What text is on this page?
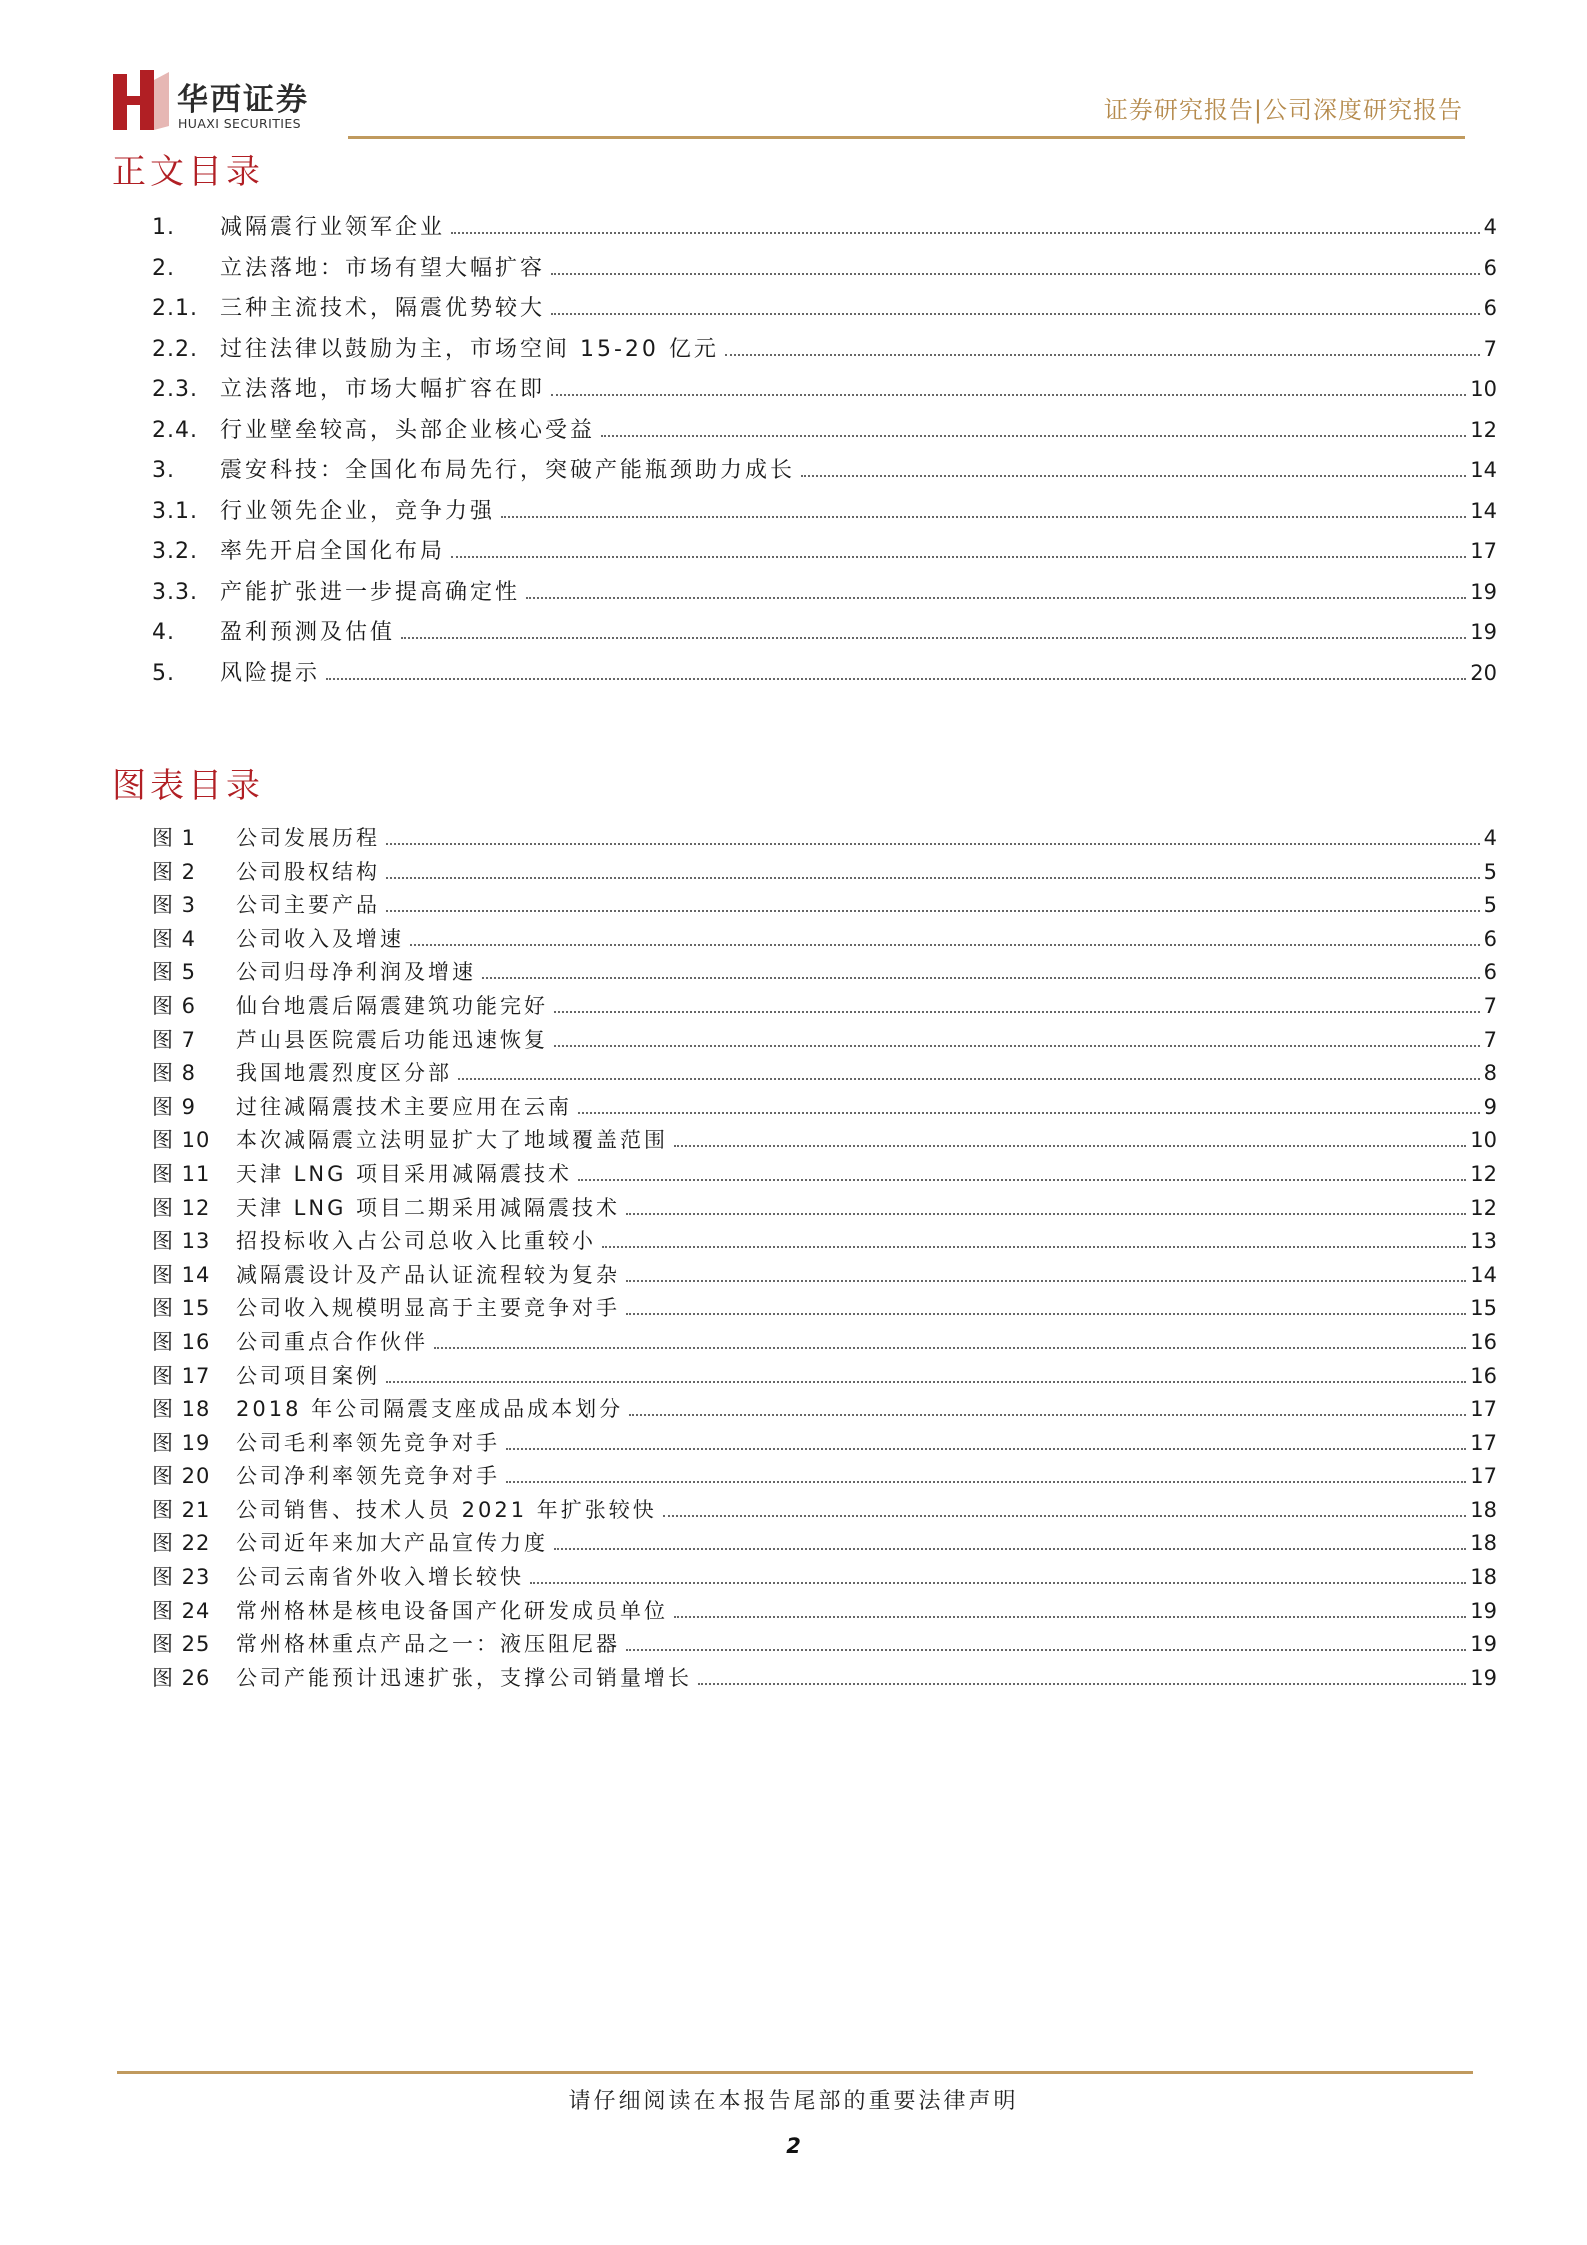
华西证券
HUAXI SECURITIES	证券研究报告|公司深度研究报告
正文目录
1.	减隔震行业领军企业	4
2.	立法落地：市场有望大幅扩容	6
2.1.	三种主流技术，隔震优势较大	6
2.2.	过往法律以鼓励为主，市场空间 15-20 亿元	7
2.3.	立法落地，市场大幅扩容在即	10
2.4.	行业壁垒较高，头部企业核心受益	12
3.	震安科技：全国化布局先行，突破产能瓶颈助力成长	14
3.1.	行业领先企业，竞争力强	14
3.2.	率先开启全国化布局	17
3.3.	产能扩张进一步提高确定性	19
4.	盈利预测及估值	19
5.	风险提示	20
图表目录
图 1	公司发展历程	4
图 2	公司股权结构	5
图 3	公司主要产品	5
图 4	公司收入及增速	6
图 5	公司归母净利润及增速	6
图 6	仙台地震后隔震建筑功能完好	7
图 7	芦山县医院震后功能迅速恢复	7
图 8	我国地震烈度区分部	8
图 9	过往减隔震技术主要应用在云南	9
图 10	本次减隔震立法明显扩大了地域覆盖范围	10
图 11	天津 LNG 项目采用减隔震技术	12
图 12	天津 LNG 项目二期采用减隔震技术	12
图 13	招投标收入占公司总收入比重较小	13
图 14	减隔震设计及产品认证流程较为复杂	14
图 15	公司收入规模明显高于主要竞争对手	15
图 16	公司重点合作伙伴	16
图 17	公司项目案例	16
图 18	2018 年公司隔震支座成品成本划分	17
图 19	公司毛利率领先竞争对手	17
图 20	公司净利率领先竞争对手	17
图 21	公司销售、技术人员 2021 年扩张较快	18
图 22	公司近年来加大产品宣传力度	18
图 23	公司云南省外收入增长较快	18
图 24	常州格林是核电设备国产化研发成员单位	19
图 25	常州格林重点产品之一：液压阻尼器	19
图 26	公司产能预计迅速扩张，支撑公司销量增长	19
请仔细阅读在本报告尾部的重要法律声明
2
